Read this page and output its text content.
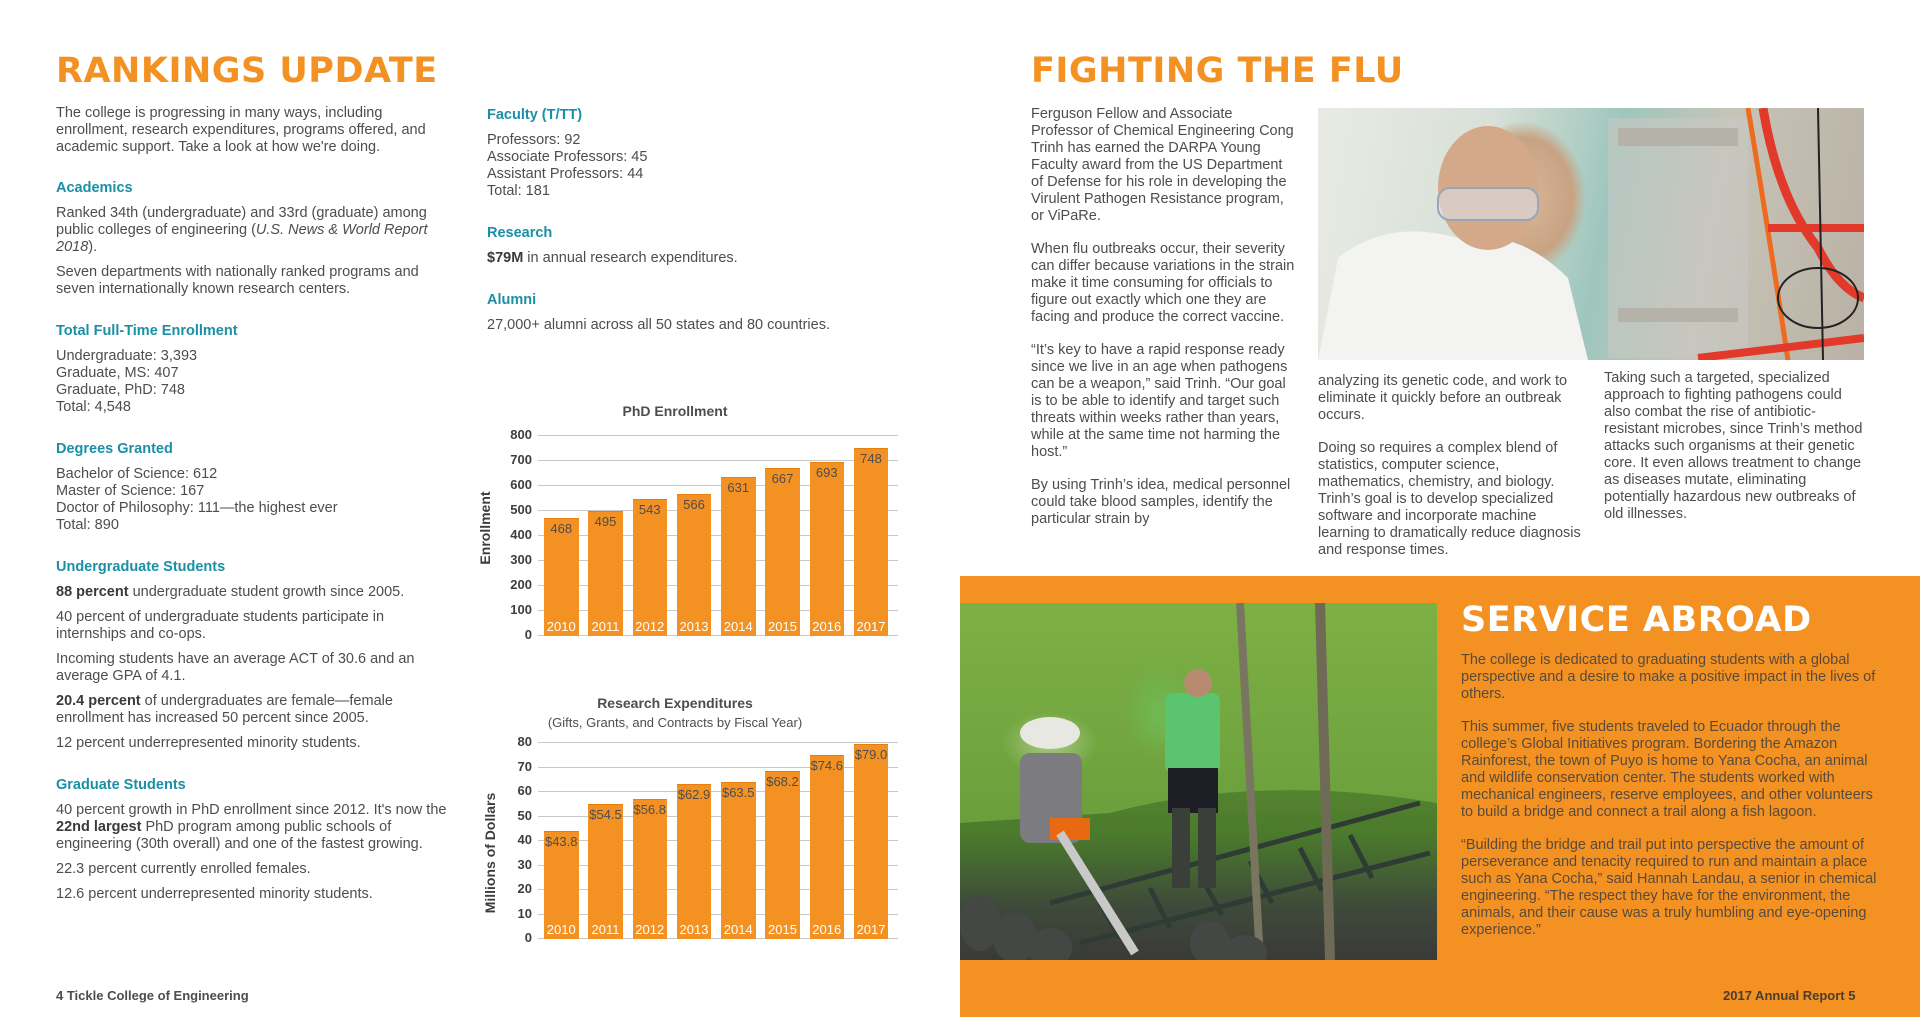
RANKINGS UPDATE

The college is progressing in many ways, including enrollment, research expenditures, programs offered, and academic support. Take a look at how we're doing.

Academics

Ranked 34th (undergraduate) and 33rd (graduate) among public colleges of engineering (U.S. News & World Report 2018).

Seven departments with nationally ranked programs and seven internationally known research centers.

Total Full-Time Enrollment
Undergraduate: 3,393
Graduate, MS: 407
Graduate, PhD: 748
Total: 4,548
Degrees Granted
Bachelor of Science: 612
Master of Science: 167
Doctor of Philosophy: 111—the highest ever
Total: 890
Undergraduate Students

88 percent undergraduate student growth since 2005.

40 percent of undergraduate students participate in internships and co-ops.

Incoming students have an average ACT of 30.6 and an average GPA of 4.1.

20.4 percent of undergraduates are female—female enrollment has increased 50 percent since 2005.

12 percent underrepresented minority students.

Graduate Students

40 percent growth in PhD enrollment since 2012. It's now the 22nd largest PhD program among public schools of engineering (30th overall) and one of the fastest growing.

22.3 percent currently enrolled females.

12.6 percent underrepresented minority students.

Faculty (T/TT)
Professors: 92
Associate Professors: 45
Assistant Professors: 44
Total: 181
Research

$79M in annual research expenditures.

Alumni

27,000+ alumni across all 50 states and 80 countries.

PhD Enrollment
Enrollment
800
700
600
500
400
300
200
100
0
468
2010
495
2011
543
2012
566
2013
631
2014
667
2015
693
2016
748
2017
Research Expenditures
(Gifts, Grants, and Contracts by Fiscal Year)
Millions of Dollars
80
70
60
50
40
30
20
10
0
$43.8
2010
$54.5
2011
$56.8
2012
$62.9
2013
$63.5
2014
$68.2
2015
$74.6
2016
$79.0
2017
4 Tickle College of Engineering
FIGHTING THE FLU

Ferguson Fellow and Associate Professor of Chemical Engineering Cong Trinh has earned the DARPA Young Faculty award from the US Department of Defense for his role in developing the Virulent Pathogen Resistance program, or ViPaRe.

When flu outbreaks occur, their severity can differ because variations in the strain make it time consuming for officials to figure out exactly which one they are facing and produce the correct vaccine.

“It’s key to have a rapid response ready since we live in an age when pathogens can be a weapon,” said Trinh. “Our goal is to be able to identify and target such threats within weeks rather than years, while at the same time not harming the host.”

By using Trinh’s idea, medical personnel could take blood samples, identify the particular strain by

analyzing its genetic code, and work to eliminate it quickly before an outbreak occurs.

Doing so requires a complex blend of statistics, computer science, mathematics, chemistry, and biology. Trinh’s goal is to develop specialized software and incorporate machine learning to dramatically reduce diagnosis and response times.

Taking such a targeted, specialized approach to fighting pathogens could also combat the rise of antibiotic-resistant microbes, since Trinh’s method attacks such organisms at their genetic core. It even allows treatment to change as diseases mutate, eliminating potentially hazardous new outbreaks of old illnesses.

SERVICE ABROAD

The college is dedicated to graduating students with a global perspective and a desire to make a positive impact in the lives of others.

This summer, five students traveled to Ecuador through the college’s Global Initiatives program. Bordering the Amazon Rainforest, the town of Puyo is home to Yana Cocha, an animal and wildlife conservation center. The students worked with mechanical engineers, reserve employees, and other volunteers to build a bridge and connect a trail along a fish lagoon.

“Building the bridge and trail put into perspective the amount of perseverance and tenacity required to run and maintain a place such as Yana Cocha,” said Hannah Landau, a senior in chemical engineering. “The respect they have for the environment, the animals, and their cause was a truly humbling and eye-opening experience.”

2017 Annual Report 5
